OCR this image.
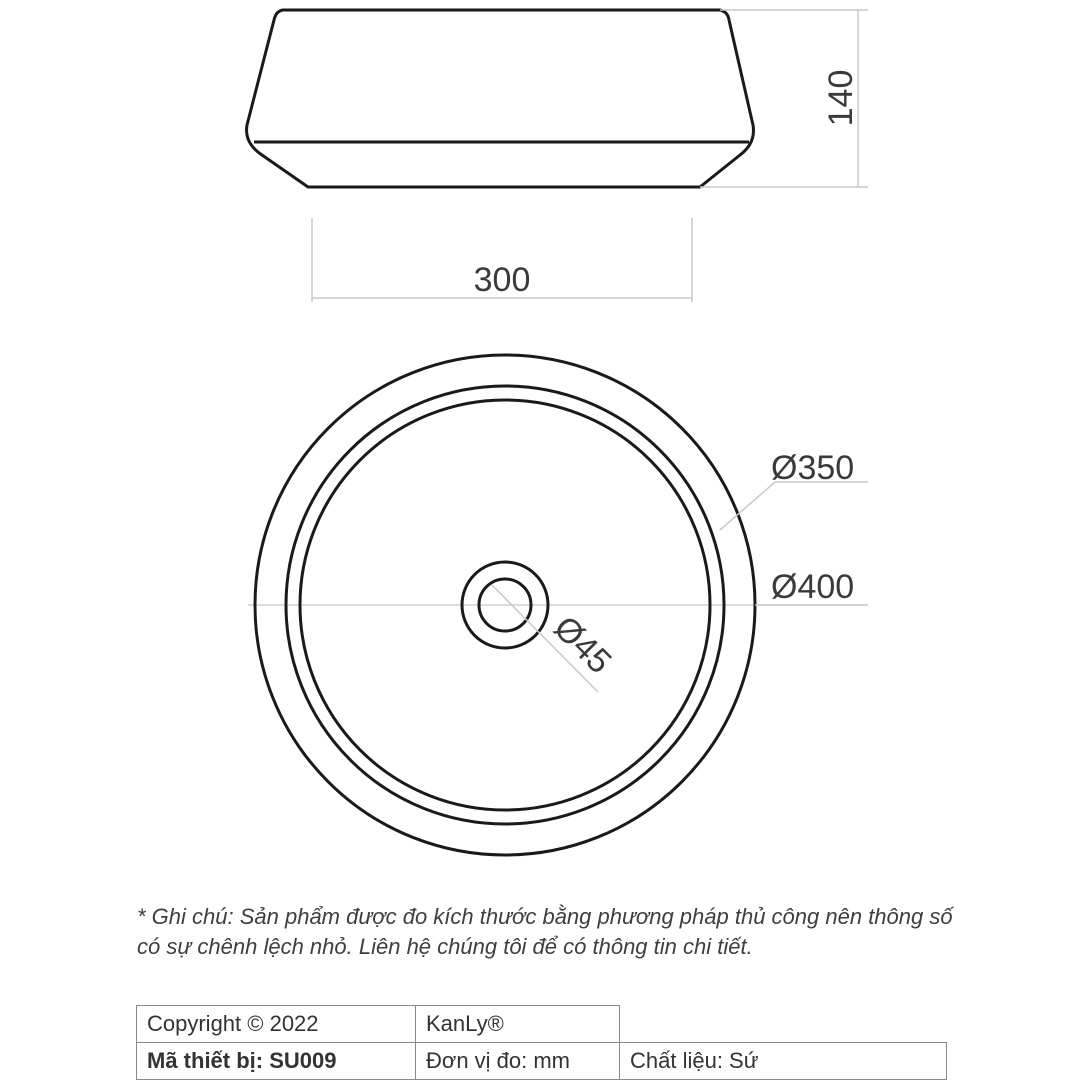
140
300
Ø350
Ø400
Ø45

* Ghi chú: Sản phẩm được đo kích thước bằng phương pháp thủ công nên thông số có sự chênh lệch nhỏ. Liên hệ chúng tôi để có thông tin chi tiết.

Copyright © 2022	KanLy®	
Mã thiết bị: SU009	Đơn vị đo: mm	Chất liệu: Sứ
